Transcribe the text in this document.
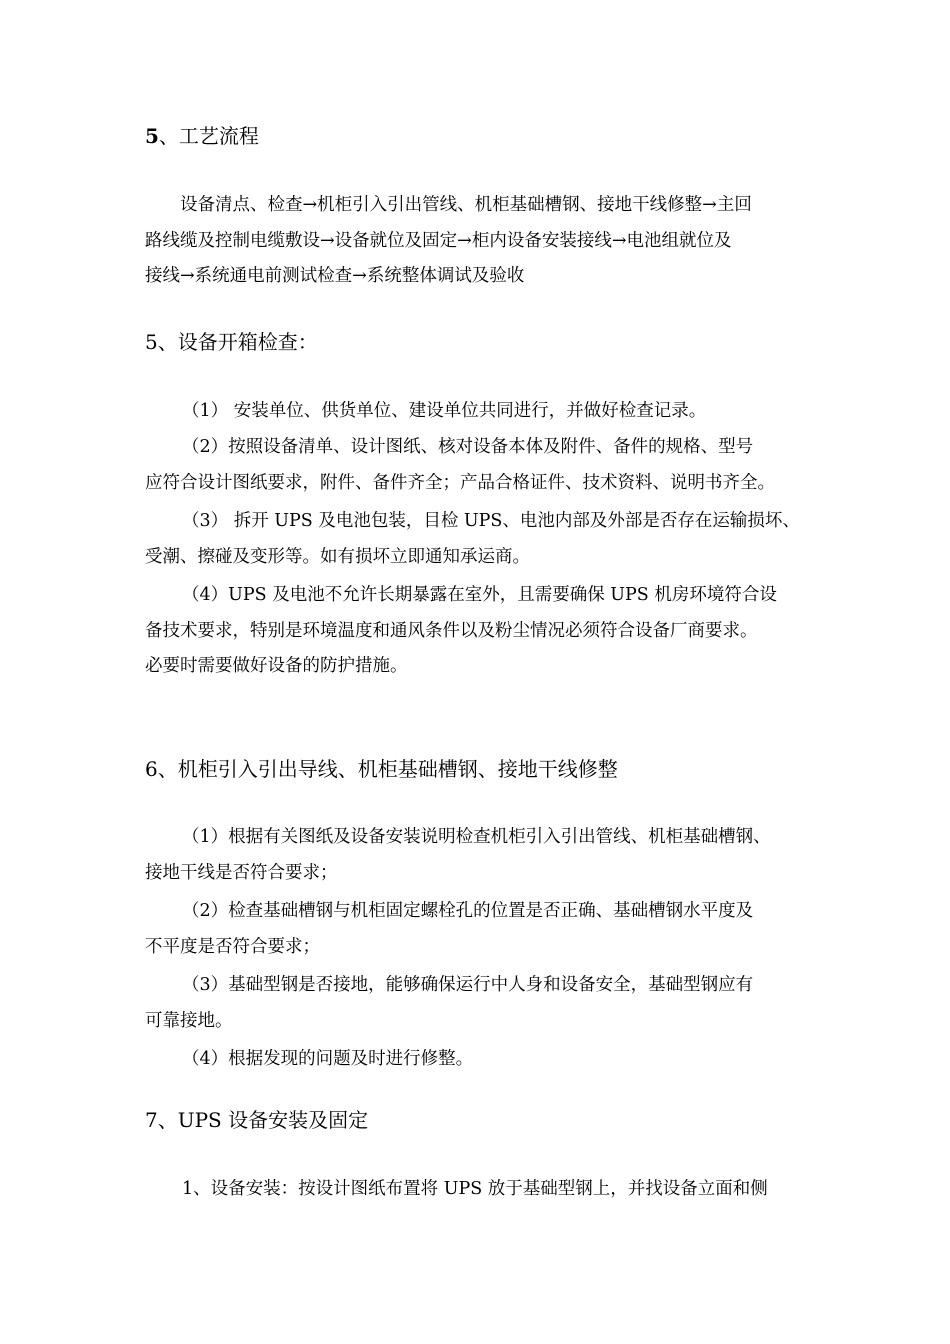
5、工艺流程
设备清点、检查→机柜引入引出管线、机柜基础槽钢、接地干线修整→主回
路线缆及控制电缆敷设→设备就位及固定→柜内设备安装接线→电池组就位及
接线→系统通电前测试检查→系统整体调试及验收
5、设备开箱检查：
（1） 安装单位、供货单位、建设单位共同进行，并做好检查记录。
（2）按照设备清单、设计图纸、核对设备本体及附件、备件的规格、型号
应符合设计图纸要求，附件、备件齐全；产品合格证件、技术资料、说明书齐全。
（3） 拆开 UPS 及电池包装，目检 UPS、电池内部及外部是否存在运输损坏、
受潮、擦碰及变形等。如有损坏立即通知承运商。
（4）UPS 及电池不允许长期暴露在室外，且需要确保 UPS 机房环境符合设
备技术要求，特别是环境温度和通风条件以及粉尘情况必须符合设备厂商要求。
必要时需要做好设备的防护措施。
6、机柜引入引出导线、机柜基础槽钢、接地干线修整
（1）根据有关图纸及设备安装说明检查机柜引入引出管线、机柜基础槽钢、
接地干线是否符合要求；
（2）检查基础槽钢与机柜固定螺栓孔的位置是否正确、基础槽钢水平度及
不平度是否符合要求；
（3）基础型钢是否接地，能够确保运行中人身和设备安全，基础型钢应有
可靠接地。
（4）根据发现的问题及时进行修整。
7、UPS 设备安装及固定
1、设备安装：按设计图纸布置将 UPS 放于基础型钢上，并找设备立面和侧
